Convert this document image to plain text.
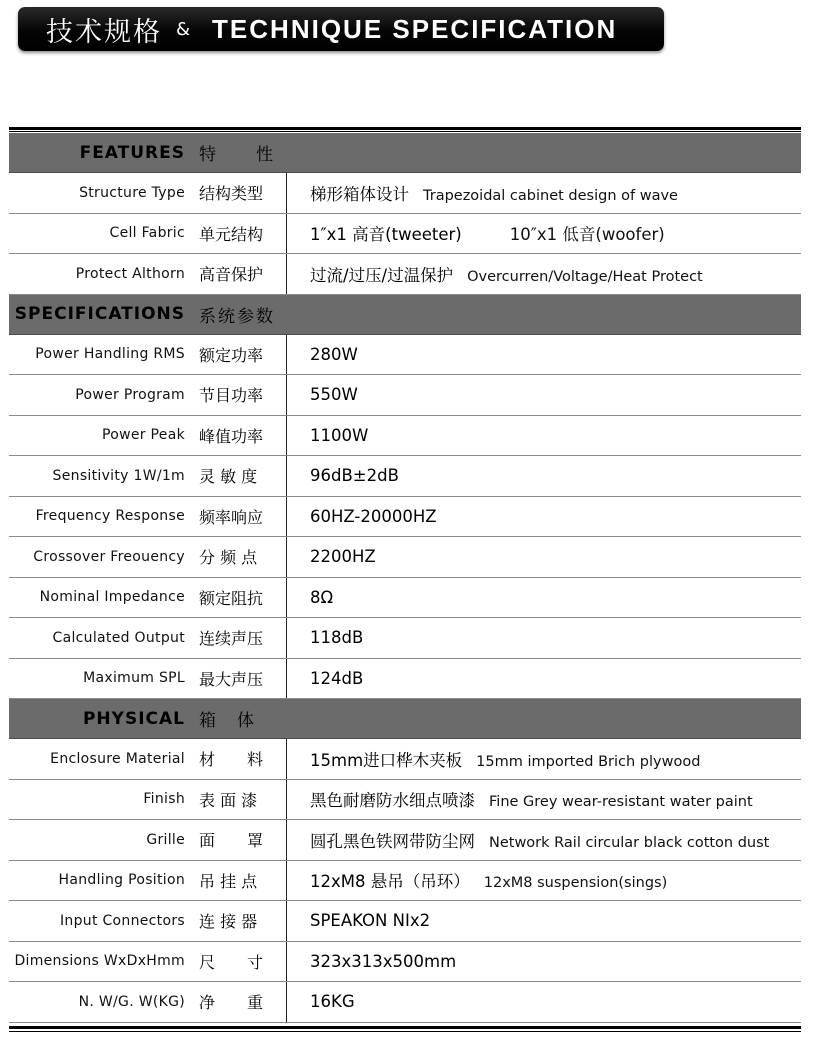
技术规格 & TECHNIQUE SPECIFICATION
FEATURES 特　　性
Structure Type 结构类型	梯形箱体设计 Trapezoidal cabinet design of wave
Cell Fabric 单元结构	1″x1 高音(tweeter)	10″x1 低音(woofer)
Protect Althorn 高音保护	过流/过压/过温保护 Overcurren/Voltage/Heat Protect
SPECIFICATIONS 系统参数
Power Handling RMS 额定功率	280W
Power Program 节目功率	550W
Power Peak 峰值功率	1100W
Sensitivity 1W/1m 灵 敏 度	96dB±2dB
Frequency Response 频率响应	60HZ-20000HZ
Crossover Freouency 分 频 点	2200HZ
Nominal Impedance 额定阻抗	8Ω
Calculated Output 连续声压	118dB
Maximum SPL 最大声压	124dB
PHYSICAL 箱　体
Enclosure Material 材　　料	15mm进口桦木夹板 15mm imported Brich plywood
Finish 表 面 漆	黑色耐磨防水细点喷漆 Fine Grey wear-resistant water paint
Grille 面　　罩	圆孔黑色铁网带防尘网 Network Rail circular black cotton dust
Handling Position 吊 挂 点	12xM8 悬吊（吊环） 12xM8 suspension(sings)
Input Connectors 连 接 器	SPEAKON NIx2
Dimensions WxDxHmm 尺　　寸	323x313x500mm
N. W/G. W(KG) 净　　重	16KG
